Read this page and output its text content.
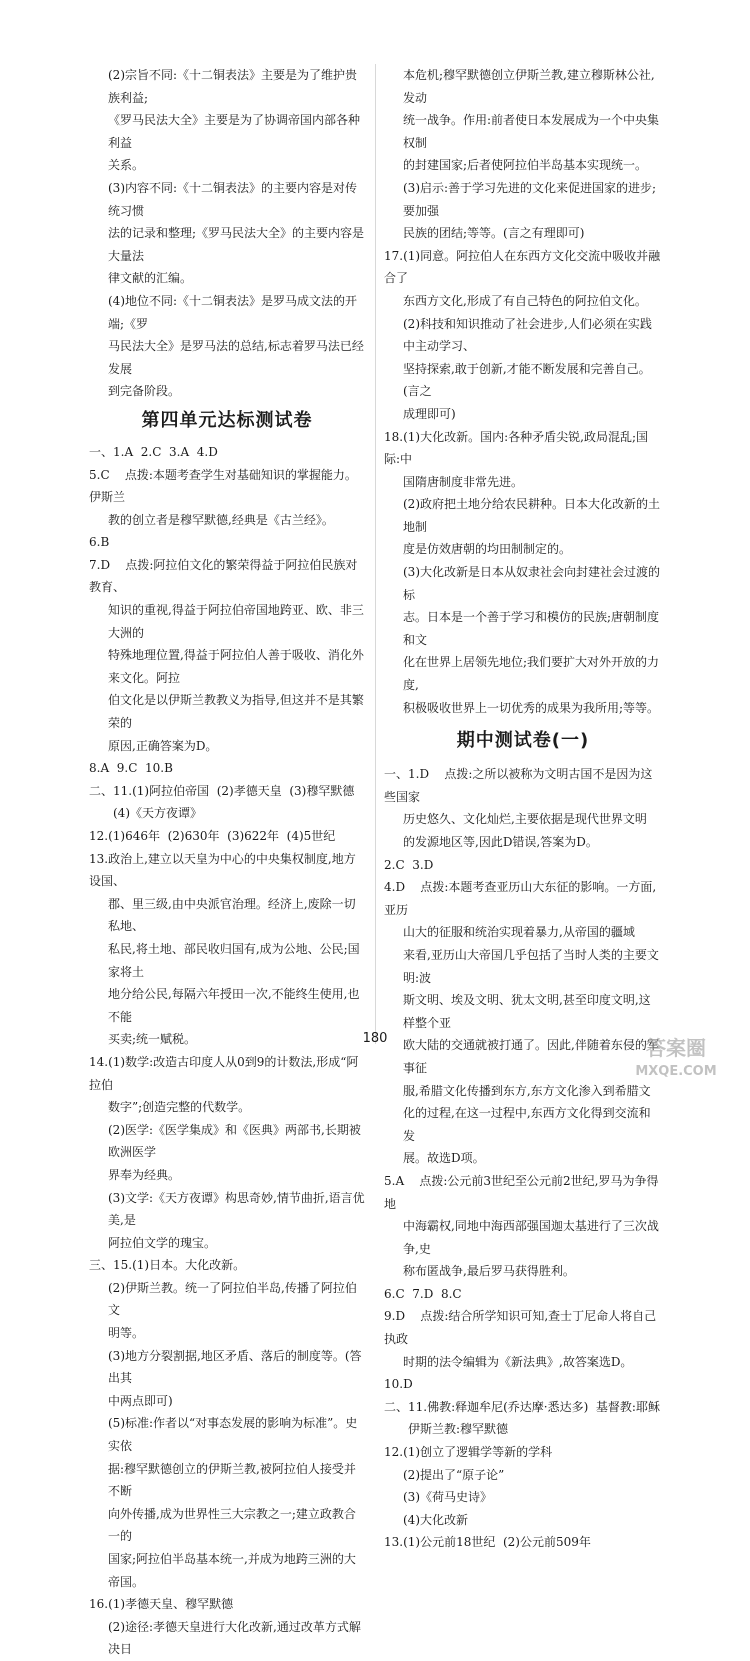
(2)宗旨不同:《十二铜表法》主要是为了维护贵族利益;

《罗马民法大全》主要是为了协调帝国内部各种利益

关系。

(3)内容不同:《十二铜表法》的主要内容是对传统习惯

法的记录和整理;《罗马民法大全》的主要内容是大量法

律文献的汇编。

(4)地位不同:《十二铜表法》是罗马成文法的开端;《罗

马民法大全》是罗马法的总结,标志着罗马法已经发展

到完备阶段。

第四单元达标测试卷

一、1.A  2.C  3.A  4.D

5.C    点拨:本题考查学生对基础知识的掌握能力。伊斯兰

教的创立者是穆罕默德,经典是《古兰经》。

6.B

7.D    点拨:阿拉伯文化的繁荣得益于阿拉伯民族对教育、

知识的重视,得益于阿拉伯帝国地跨亚、欧、非三大洲的

特殊地理位置,得益于阿拉伯人善于吸收、消化外来文化。阿拉

伯文化是以伊斯兰教教义为指导,但这并不是其繁荣的

原因,正确答案为D。

8.A  9.C  10.B

二、11.(1)阿拉伯帝国  (2)孝德天皇  (3)穆罕默德

(4)《天方夜谭》

12.(1)646年  (2)630年  (3)622年  (4)5世纪

13.政治上,建立以天皇为中心的中央集权制度,地方设国、

郡、里三级,由中央派官治理。经济上,废除一切私地、

私民,将土地、部民收归国有,成为公地、公民;国家将土

地分给公民,每隔六年授田一次,不能终生使用,也不能

买卖;统一赋税。

14.(1)数学:改造古印度人从0到9的计数法,形成“阿拉伯

数字”;创造完整的代数学。

(2)医学:《医学集成》和《医典》两部书,长期被欧洲医学

界奉为经典。

(3)文学:《天方夜谭》构思奇妙,情节曲折,语言优美,是

阿拉伯文学的瑰宝。

三、15.(1)日本。大化改新。

(2)伊斯兰教。统一了阿拉伯半岛,传播了阿拉伯文

明等。

(3)地方分裂割据,地区矛盾、落后的制度等。(答出其

中两点即可)

(5)标准:作者以“对事态发展的影响为标准”。史实依

据:穆罕默德创立的伊斯兰教,被阿拉伯人接受并不断

向外传播,成为世界性三大宗教之一;建立政教合一的

国家;阿拉伯半岛基本统一,并成为地跨三洲的大帝国。

16.(1)孝德天皇、穆罕默德

(2)途径:孝德天皇进行大化改新,通过改革方式解决日

本危机;穆罕默德创立伊斯兰教,建立穆斯林公社,发动

统一战争。作用:前者使日本发展成为一个中央集权制

的封建国家;后者使阿拉伯半岛基本实现统一。

(3)启示:善于学习先进的文化来促进国家的进步;要加强

民族的团结;等等。(言之有理即可)

17.(1)同意。阿拉伯人在东西方文化交流中吸收并融合了

东西方文化,形成了有自己特色的阿拉伯文化。

(2)科技和知识推动了社会进步,人们必须在实践中主动学习、

坚持探索,敢于创新,才能不断发展和完善自己。(言之

成理即可)

18.(1)大化改新。国内:各种矛盾尖锐,政局混乱;国际:中

国隋唐制度非常先进。

(2)政府把土地分给农民耕种。日本大化改新的土地制

度是仿效唐朝的均田制制定的。

(3)大化改新是日本从奴隶社会向封建社会过渡的标

志。日本是一个善于学习和模仿的民族;唐朝制度和文

化在世界上居领先地位;我们要扩大对外开放的力度,

积极吸收世界上一切优秀的成果为我所用;等等。

期中测试卷(一)

一、1.D    点拨:之所以被称为文明古国不是因为这些国家

历史悠久、文化灿烂,主要依据是现代世界文明

的发源地区等,因此D错误,答案为D。

2.C  3.D

4.D    点拨:本题考查亚历山大东征的影响。一方面,亚历

山大的征服和统治实现着暴力,从帝国的疆域

来看,亚历山大帝国几乎包括了当时人类的主要文明:波

斯文明、埃及文明、犹太文明,甚至印度文明,这样整个亚

欧大陆的交通就被打通了。因此,伴随着东侵的军事征

服,希腊文化传播到东方,东方文化渗入到希腊文

化的过程,在这一过程中,东西方文化得到交流和发

展。故选D项。

5.A    点拨:公元前3世纪至公元前2世纪,罗马为争得地

中海霸权,同地中海西部强国迦太基进行了三次战争,史

称布匿战争,最后罗马获得胜利。

6.C  7.D  8.C

9.D    点拨:结合所学知识可知,查士丁尼命人将自己执政

时期的法令编辑为《新法典》,故答案选D。

10.D

二、11.佛教:释迦牟尼(乔达摩·悉达多)  基督教:耶稣

伊斯兰教:穆罕默德

12.(1)创立了逻辑学等新的学科

(2)提出了“原子论”

(3)《荷马史诗》

(4)大化改新

13.(1)公元前18世纪  (2)公元前509年

180	答案圈
MXQE.COM
